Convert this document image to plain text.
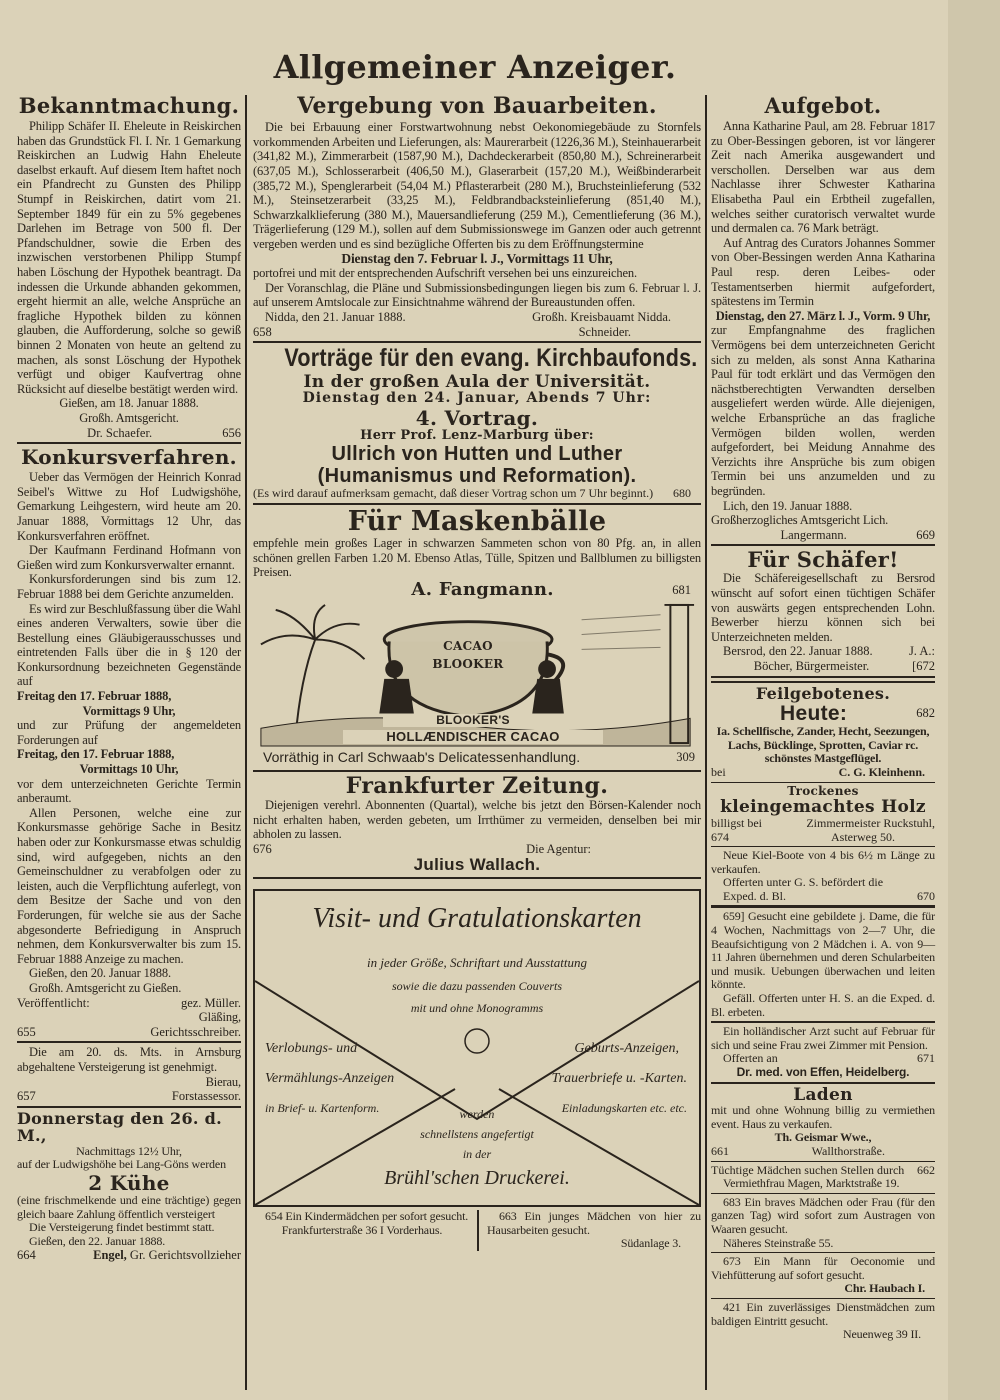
Allgemeiner Anzeiger.
Bekanntmachung.

Philipp Schäfer II. Eheleute in Reiskirchen haben das Grundstück Fl. I. Nr. 1 Gemarkung Reiskirchen an Ludwig Hahn Eheleute daselbst erkauft. Auf diesem Item haftet noch ein Pfandrecht zu Gunsten des Philipp Stumpf in Reiskirchen, datirt vom 21. September 1849 für ein zu 5% gegebenes Darlehen im Betrage von 500 fl. Der Pfandschuldner, sowie die Erben des inzwischen verstorbenen Philipp Stumpf haben Löschung der Hypothek beantragt. Da indessen die Urkunde abhanden gekommen, ergeht hiermit an alle, welche Ansprüche an fragliche Hypothek bilden zu können glauben, die Aufforderung, solche so gewiß binnen 2 Monaten von heute an geltend zu machen, als sonst Löschung der Hypothek verfügt und obiger Kaufvertrag ohne Rücksicht auf dieselbe bestätigt werden wird.

Gießen, am 18. Januar 1888.

Großh. Amtsgericht.

Dr. Schaefer.	656
Konkursverfahren.

Ueber das Vermögen der Heinrich Konrad Seibel's Wittwe zu Hof Ludwigshöhe, Gemarkung Leihgestern, wird heute am 20. Januar 1888, Vormittags 12 Uhr, das Konkursverfahren eröffnet.

Der Kaufmann Ferdinand Hofmann von Gießen wird zum Konkursverwalter ernannt.

Konkursforderungen sind bis zum 12. Februar 1888 bei dem Gerichte anzumelden.

Es wird zur Beschlußfassung über die Wahl eines anderen Verwalters, sowie über die Bestellung eines Gläubigerausschusses und eintretenden Falls über die in § 120 der Konkursordnung bezeichneten Gegenstände auf

Freitag den 17. Februar 1888,

Vormittags 9 Uhr,

und zur Prüfung der angemeldeten Forderungen auf

Freitag, den 17. Februar 1888,

Vormittags 10 Uhr,

vor dem unterzeichneten Gerichte Termin anberaumt.

Allen Personen, welche eine zur Konkursmasse gehörige Sache in Besitz haben oder zur Konkursmasse etwas schuldig sind, wird aufgegeben, nichts an den Gemeinschuldner zu verabfolgen oder zu leisten, auch die Verpflichtung auferlegt, von dem Besitze der Sache und von den Forderungen, für welche sie aus der Sache abgesonderte Befriedigung in Anspruch nehmen, dem Konkursverwalter bis zum 15. Februar 1888 Anzeige zu machen.

Gießen, den 20. Januar 1888.

Großh. Amtsgericht zu Gießen.

Veröffentlicht:	gez. Müller.

Gläßing,

655	Gerichtsschreiber.

Die am 20. ds. Mts. in Arnsburg abgehaltene Versteigerung ist genehmigt.

Bierau,

657	Forstassessor.
Donnerstag den 26. d. M.,

Nachmittags 12½ Uhr,

auf der Ludwigshöhe bei Lang-Göns werden

2 Kühe

(eine frischmelkende und eine trächtige) gegen gleich baare Zahlung öffentlich versteigert

Die Versteigerung findet bestimmt statt.

Gießen, den 22. Januar 1888.

664	Engel, Gr. Gerichtsvollzieher
Vergebung von Bauarbeiten.

Die bei Erbauung einer Forstwartwohnung nebst Oekonomiegebäude zu Stornfels vorkommenden Arbeiten und Lieferungen, als: Maurerarbeit (1226,36 M.), Steinhauerarbeit (341,82 M.), Zimmerarbeit (1587,90 M.), Dachdeckerarbeit (850,80 M.), Schreinerarbeit (637,05 M.), Schlosserarbeit (406,50 M.), Glaserarbeit (157,20 M.), Weißbinderarbeit (385,72 M.), Spenglerarbeit (54,04 M.) Pflasterarbeit (280 M.), Bruchsteinlieferung (532 M.), Steinsetzerarbeit (33,25 M.), Feldbrandbacksteinlieferung (851,40 M.), Schwarzkalklieferung (380 M.), Mauersandlieferung (259 M.), Cementlieferung (36 M.), Trägerlieferung (129 M.), sollen auf dem Submissionswege im Ganzen oder auch getrennt vergeben werden und es sind bezügliche Offerten bis zu dem Eröffnungstermine

Dienstag den 7. Februar l. J., Vormittags 11 Uhr,

portofrei und mit der entsprechenden Aufschrift versehen bei uns einzureichen.

Der Voranschlag, die Pläne und Submissionsbedingungen liegen bis zum 6. Februar l. J. auf unserem Amtslocale zur Einsichtnahme während der Bureaustunden offen.

Nidda, den 21. Januar 1888.	Großh. Kreisbauamt Nidda.
658	Schneider.
Vorträge für den evang. Kirchbaufonds.
In der großen Aula der Universität.
Dienstag den 24. Januar, Abends 7 Uhr:
4. Vortrag.
Herr Prof. Lenz-Marburg über:
Ullrich von Hutten und Luther (Humanismus und Reformation).
(Es wird darauf aufmerksam gemacht, daß dieser Vortrag schon um 7 Uhr beginnt.) 680
Für Maskenbälle

empfehle mein großes Lager in schwarzen Sammeten schon von 80 Pfg. an, in allen schönen grellen Farben 1.20 M. Ebenso Atlas, Tülle, Spitzen und Ballblumen zu billigsten Preisen.

A. Fangmann.	681
CACAO
BLOOKER
BLOOKER'S
HOLLÆNDISCHER CACAO
Vorräthig in Carl Schwaab's Delicatessenhandlung.	309
Frankfurter Zeitung.

Diejenigen verehrl. Abonnenten (Quartal), welche bis jetzt den Börsen-Kalender noch nicht erhalten haben, werden gebeten, um Irrthümer zu vermeiden, denselben bei mir abholen zu lassen.

676	Die Agentur:
Julius Wallach.
Visit- und Gratulationskarten
in jeder Größe, Schriftart und Ausstattung
sowie die dazu passenden Couverts
mit und ohne Monogramms
Verlobungs- und
Vermählungs-Anzeigen
in Brief- u. Kartenform.
Geburts-Anzeigen,
Trauerbriefe u. -Karten.
Einladungskarten etc. etc.
werden
schnellstens angefertigt
in der
Brühl'schen Druckerei.

654 Ein Kindermädchen per sofort gesucht.

Frankfurterstraße 36 I Vorderhaus.

663 Ein junges Mädchen von hier zu Hausarbeiten gesucht.

Südanlage 3.

Aufgebot.

Anna Katharine Paul, am 28. Februar 1817 zu Ober-Bessingen geboren, ist vor längerer Zeit nach Amerika ausgewandert und verschollen. Derselben war aus dem Nachlasse ihrer Schwester Katharina Elisabetha Paul ein Erbtheil zugefallen, welches seither curatorisch verwaltet wurde und dermalen ca. 76 Mark beträgt.

Auf Antrag des Curators Johannes Sommer von Ober-Bessingen werden Anna Katharina Paul resp. deren Leibes- oder Testamentserben hiermit aufgefordert, spätestens im Termin

Dienstag, den 27. März l. J., Vorm. 9 Uhr,

zur Empfangnahme des fraglichen Vermögens bei dem unterzeichneten Gericht sich zu melden, als sonst Anna Katharina Paul für todt erklärt und das Vermögen den nächstberechtigten Verwandten derselben ausgeliefert werden würde. Alle diejenigen, welche Erbansprüche an das fragliche Vermögen bilden wollen, werden aufgefordert, bei Meidung Annahme des Verzichts ihre Ansprüche bis zum obigen Termin bei uns anzumelden und zu begründen.

Lich, den 19. Januar 1888.

Großherzogliches Amtsgericht Lich.

Langermann.	669
Für Schäfer!

Die Schäfereigesellschaft zu Bersrod wünscht auf sofort einen tüchtigen Schäfer von auswärts gegen entsprechenden Lohn. Bewerber hierzu können sich bei Unterzeichneten melden.

Bersrod, den 22. Januar 1888.	J. A.:
Böcher, Bürgermeister.	[672
Feilgebotenes.
Heute:	682

Ia. Schellfische, Zander, Hecht, Seezungen, Lachs, Bücklinge, Sprotten, Caviar rc.

schönstes Mastgeflügel.

bei	C. G. Kleinhenn.
Trockenes
kleingemachtes Holz
billigst bei	Zimmermeister Ruckstuhl,
674	Asterweg 50.

Neue Kiel-Boote von 4 bis 6½ m Länge zu verkaufen.

Offerten unter G. S. befördert die Exped. d. Bl.	670

659] Gesucht eine gebildete j. Dame, die für 4 Wochen, Nachmittags von 2—7 Uhr, die Beaufsichtigung von 2 Mädchen i. A. von 9—11 Jahren übernehmen und deren Schularbeiten und musik. Uebungen überwachen und leiten könnte.

Gefäll. Offerten unter H. S. an die Exped. d. Bl. erbeten.

Ein holländischer Arzt sucht auf Februar für sich und seine Frau zwei Zimmer mit Pension.

Offerten an	671

Dr. med. von Effen, Heidelberg.

Laden

mit und ohne Wohnung billig zu vermiethen event. Haus zu verkaufen.

Th. Geismar Wwe.,

661	Wallthorstraße.
Tüchtige Mädchen suchen Stellen durch 662

Vermiethfrau Magen, Marktstraße 19.

683 Ein braves Mädchen oder Frau (für den ganzen Tag) wird sofort zum Austragen von Waaren gesucht.

Näheres Steinstraße 55.

673 Ein Mann für Oeconomie und Viehfütterung auf sofort gesucht.

Chr. Haubach I.

421 Ein zuverlässiges Dienstmädchen zum baldigen Eintritt gesucht.

Neuenweg 39 II.
